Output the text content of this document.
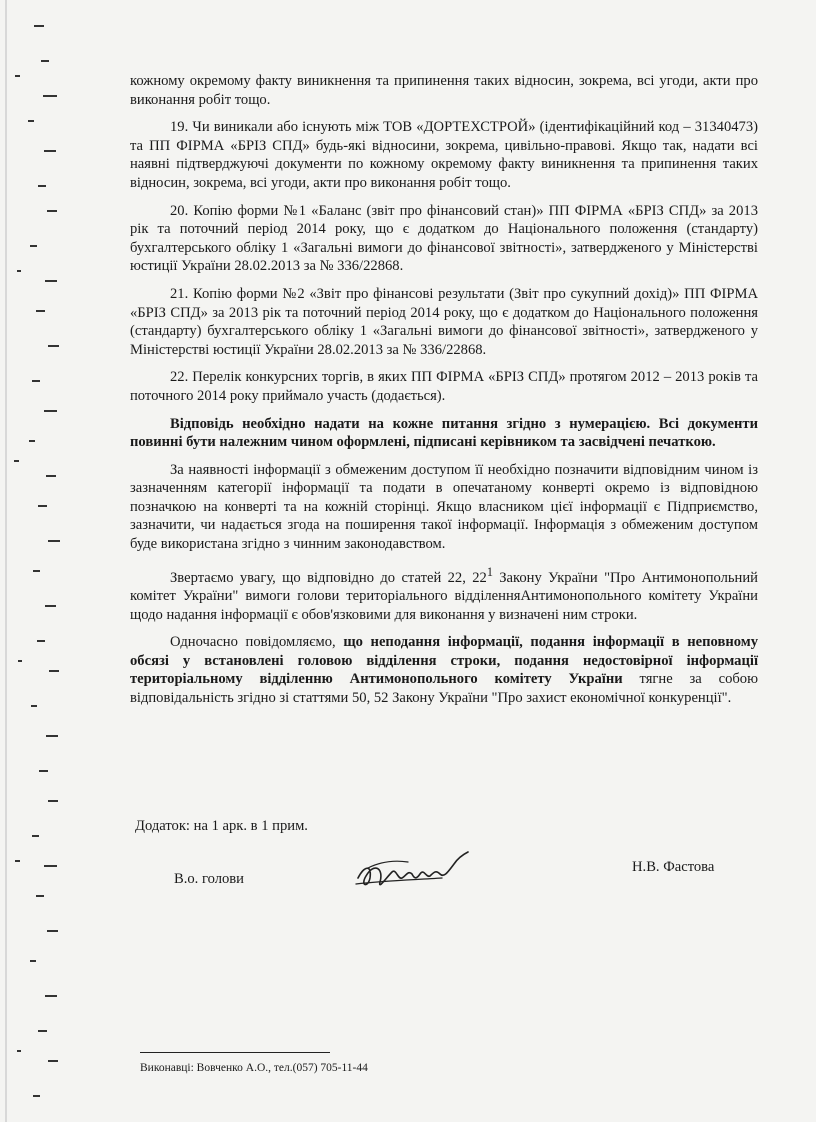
кожному окремому факту виникнення та припинення таких відносин, зокрема, всі угоди, акти про виконання робіт тощо.

19. Чи виникали або існують між ТОВ «ДОРТЕХСТРОЙ» (ідентифікаційний код – 31340473) та ПП ФІРМА «БРІЗ СПД» будь-які відносини, зокрема, цивільно-правові. Якщо так, надати всі наявні підтверджуючі документи по кожному окремому факту виникнення та припинення таких відносин, зокрема, всі угоди, акти про виконання робіт тощо.

20. Копію форми №1 «Баланс (звіт про фінансовий стан)» ПП ФІРМА «БРІЗ СПД» за 2013 рік та поточний період 2014 року, що є додатком до Національного положення (стандарту) бухгалтерського обліку 1 «Загальні вимоги до фінансової звітності», затвердженого у Міністерстві юстиції України 28.02.2013 за № 336/22868.

21. Копію форми №2 «Звіт про фінансові результати (Звіт про сукупний дохід)» ПП ФІРМА «БРІЗ СПД» за 2013 рік та поточний період 2014 року, що є додатком до Національного положення (стандарту) бухгалтерського обліку 1 «Загальні вимоги до фінансової звітності», затвердженого у Міністерстві юстиції України 28.02.2013 за № 336/22868.

22. Перелік конкурсних торгів, в яких ПП ФІРМА «БРІЗ СПД» протягом 2012 – 2013 років та поточного 2014 року приймало участь (додається).

Відповідь необхідно надати на кожне питання згідно з нумерацією. Всі документи повинні бути належним чином оформлені, підписані керівником та засвідчені печаткою.

За наявності інформації з обмеженим доступом її необхідно позначити відповідним чином із зазначенням категорії інформації та подати в опечатаному конверті окремо із відповідною позначкою на конверті та на кожній сторінці. Якщо власником цієї інформації є Підприємство, зазначити, чи надається згода на поширення такої інформації. Інформація з обмеженим доступом буде використана згідно з чинним законодавством.

Звертаємо увагу, що відповідно до статей 22, $22^1$ Закону України "Про Антимонопольний комітет України" вимоги голови територіального відділенняАнтимонопольного комітету України щодо надання інформації є обов'язковими для виконання у визначені ним строки.

Одночасно повідомляємо, що неподання інформації, подання інформації в неповному обсязі у встановлені головою відділення строки, подання недостовірної інформації територіальному відділенню Антимонопольного комітету України тягне за собою відповідальність згідно зі статтями 50, 52 Закону України "Про захист економічної конкуренції".

Додаток: на 1 арк. в 1 прим.
В.о. голови
Н.В. Фастова
Виконавці: Вовченко А.О., тел.(057) 705-11-44
